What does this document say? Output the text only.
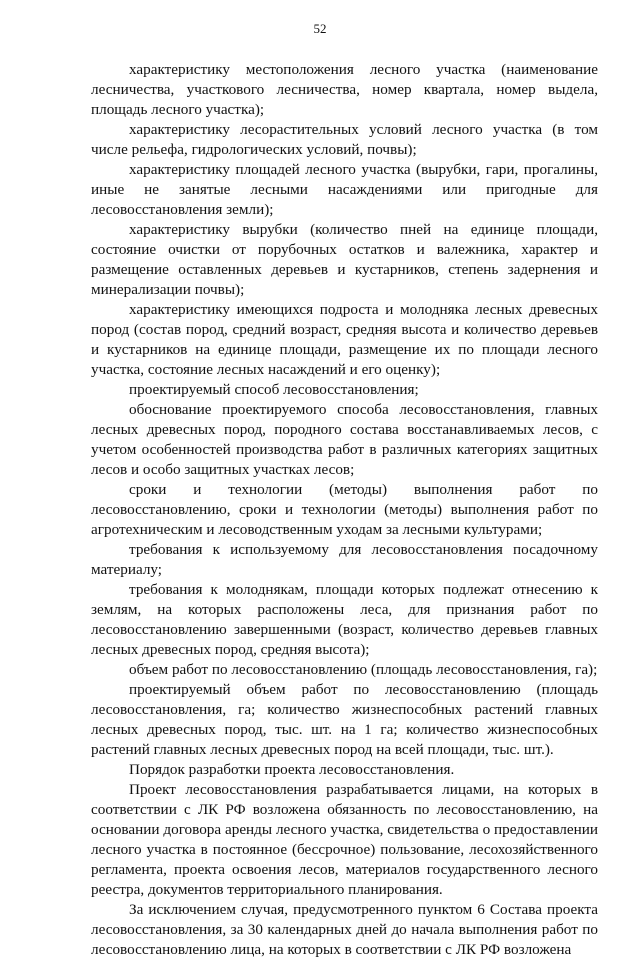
52

характеристику местоположения лесного участка (наименование лесничества, участкового лесничества, номер квартала, номер выдела, площадь лесного участка);

характеристику лесорастительных условий лесного участка (в том числе рельефа, гидрологических условий, почвы);

характеристику площадей лесного участка (вырубки, гари, прогалины, иные не занятые лесными насаждениями или пригодные для лесовосстановления земли);

характеристику вырубки (количество пней на единице площади, состояние очистки от порубочных остатков и валежника, характер и размещение оставленных деревьев и кустарников, степень задернения и минерализации почвы);

характеристику имеющихся подроста и молодняка лесных древесных пород (состав пород, средний возраст, средняя высота и количество деревьев и кустарников на единице площади, размещение их по площади лесного участка, состояние лесных насаждений и его оценку);

проектируемый способ лесовосстановления;

обоснование проектируемого способа лесовосстановления, главных лесных древесных пород, породного состава восстанавливаемых лесов, с учетом особенностей производства работ в различных категориях защитных лесов и особо защитных участках лесов;

сроки и технологии (методы) выполнения работ по лесовосстановлению, сроки и технологии (методы) выполнения работ по агротехническим и лесоводственным уходам за лесными культурами;

требования к используемому для лесовосстановления посадочному материалу;

требования к молоднякам, площади которых подлежат отнесению к землям, на которых расположены леса, для признания работ по лесовосстановлению завершенными (возраст, количество деревьев главных лесных древесных пород, средняя высота);

объем работ по лесовосстановлению (площадь лесовосстановления, га);

проектируемый объем работ по лесовосстановлению (площадь лесовосстановления, га; количество жизнеспособных растений главных лесных древесных пород, тыс. шт. на 1 га; количество жизнеспособных растений главных лесных древесных пород на всей площади, тыс. шт.).

Порядок разработки проекта лесовосстановления.

Проект лесовосстановления разрабатывается лицами, на которых в соответствии с ЛК РФ возложена обязанность по лесовосстановлению, на основании договора аренды лесного участка, свидетельства о предоставлении лесного участка в постоянное (бессрочное) пользование, лесохозяйственного регламента, проекта освоения лесов, материалов государственного лесного реестра, документов территориального планирования.

За исключением случая, предусмотренного пунктом 6 Состава проекта лесовосстановления, за 30 календарных дней до начала выполнения работ по лесовосстановлению лица, на которых в соответствии с ЛК РФ возложена
